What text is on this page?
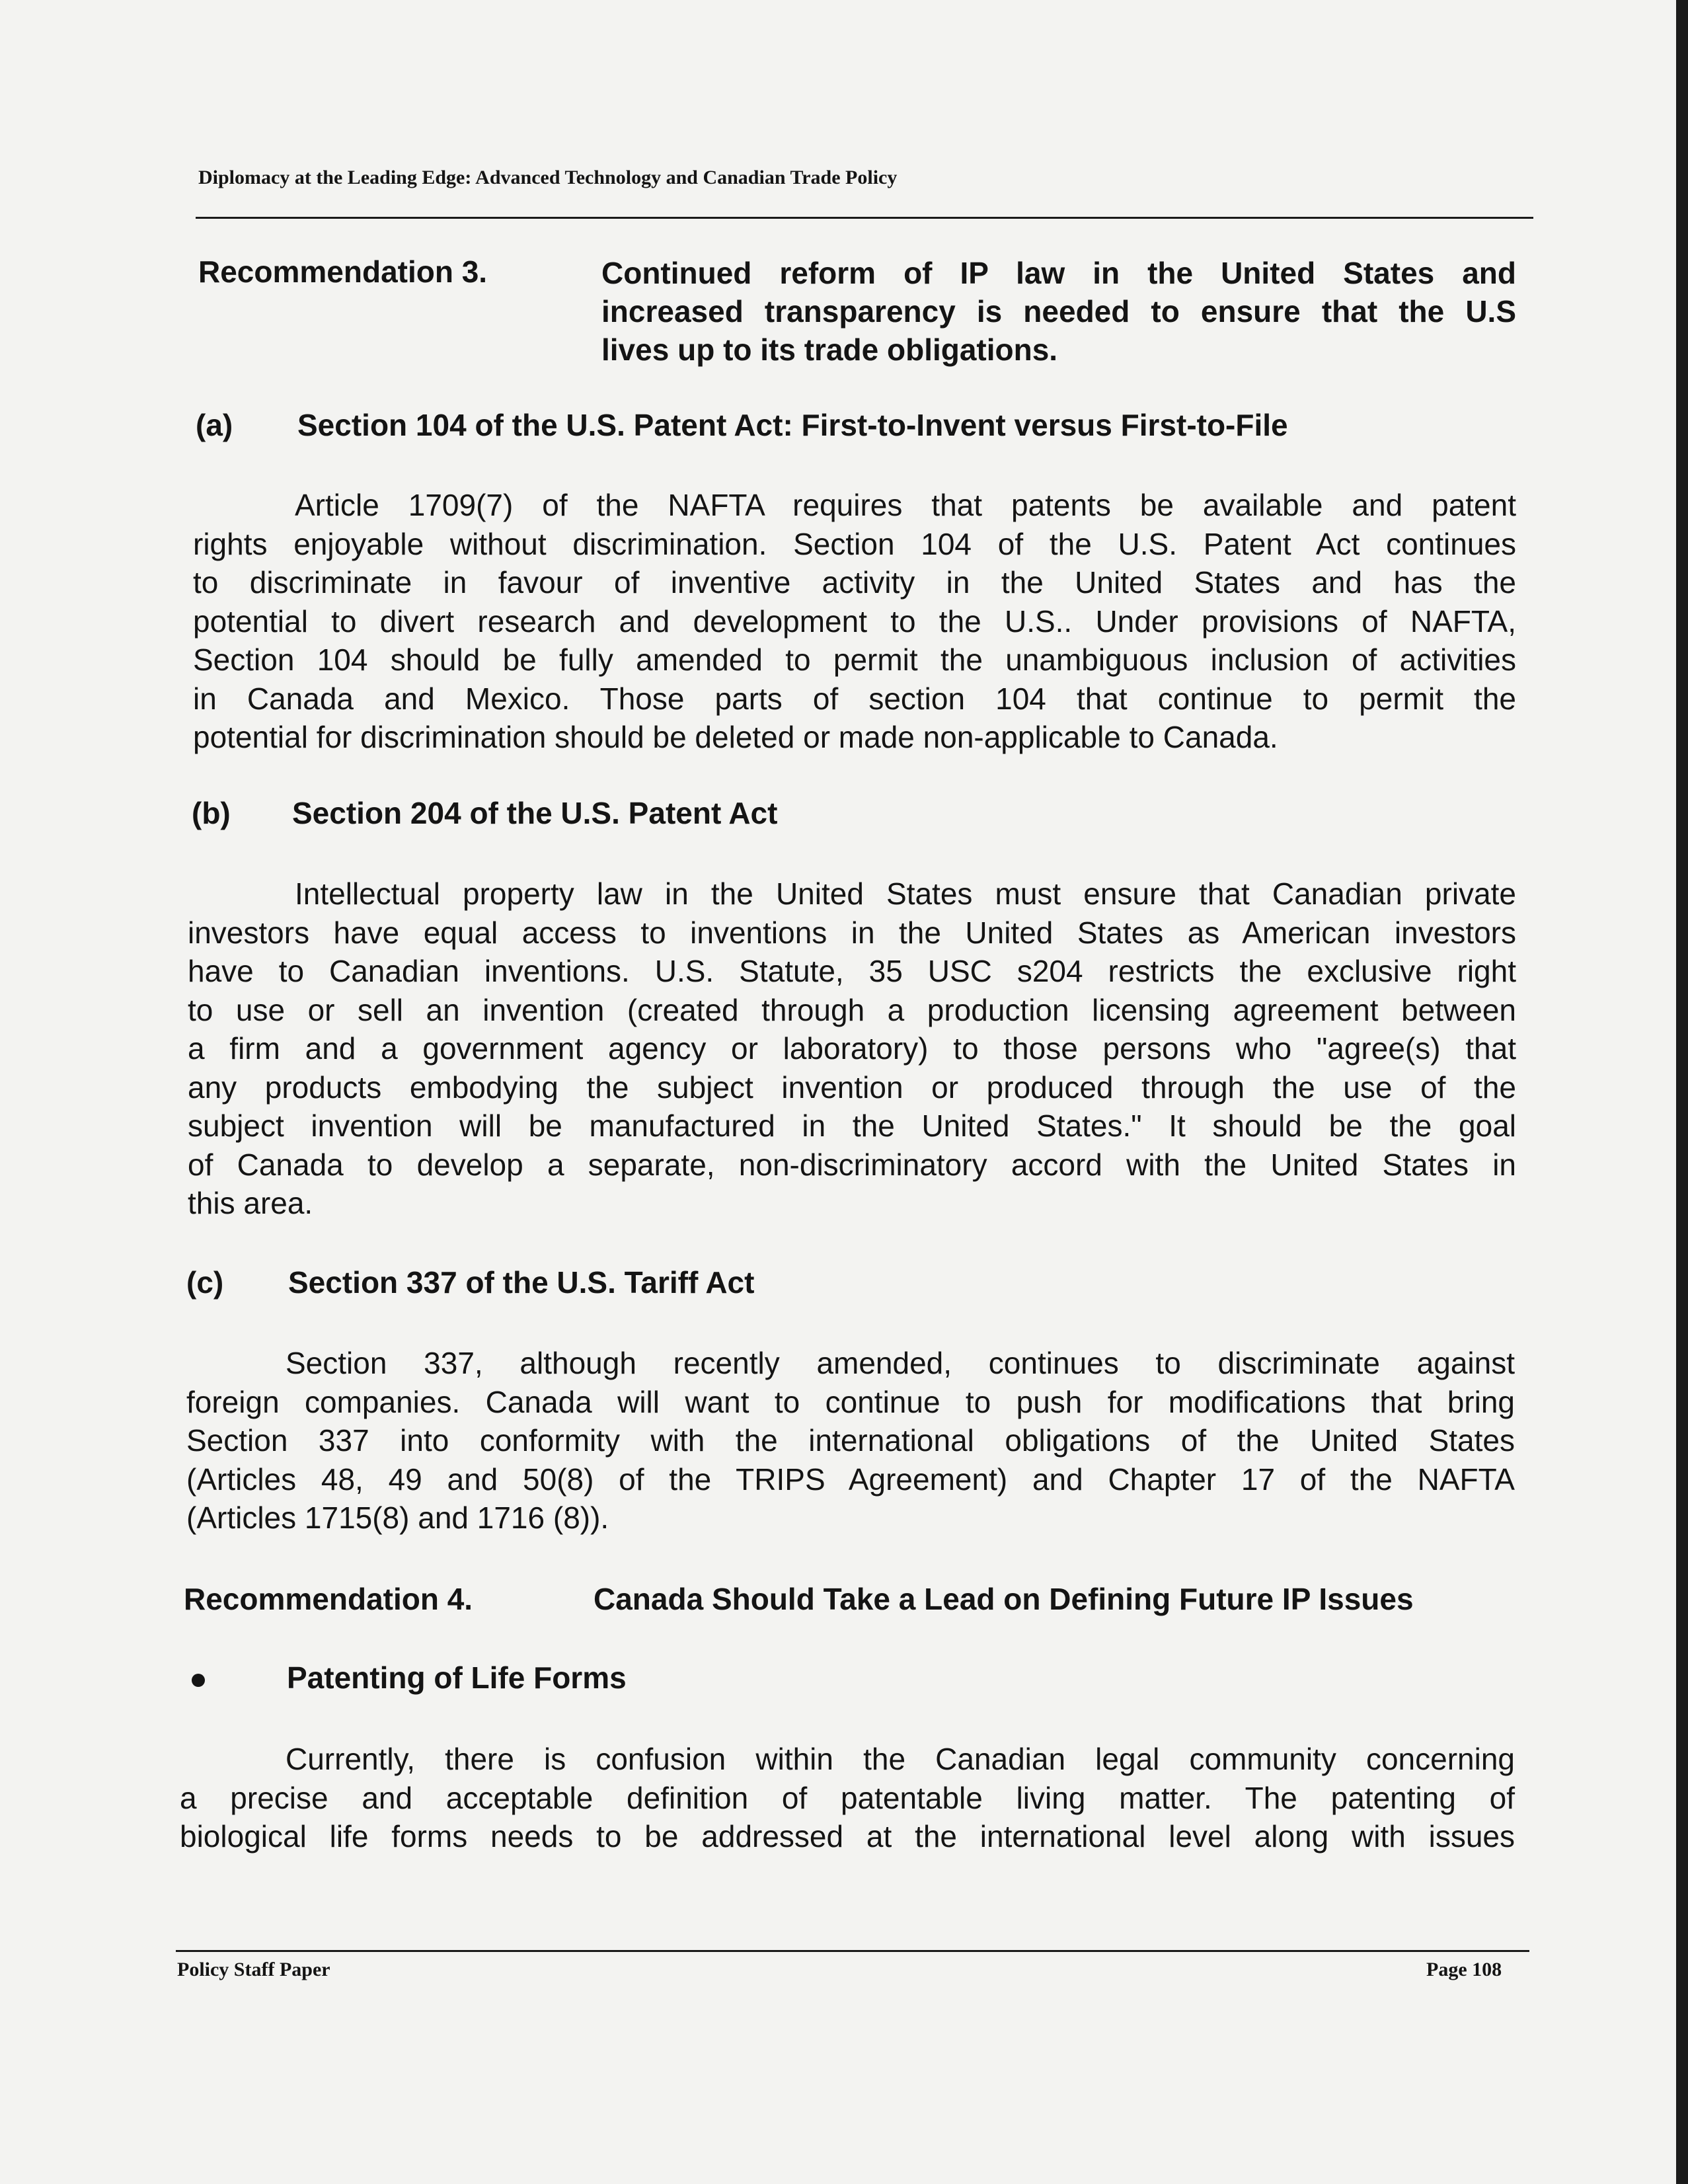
Diplomacy at the Leading Edge: Advanced Technology and Canadian Trade Policy
Recommendation 3.	Continued reform of IP law in the United States and
increased transparency is needed to ensure that the U.S
lives up to its trade obligations.
(a) Section 104 of the U.S. Patent Act: First-to-Invent versus First-to-File
Article 1709(7) of the NAFTA requires that patents be available and patent
rights enjoyable without discrimination. Section 104 of the U.S. Patent Act continues
to discriminate in favour of inventive activity in the United States and has the
potential to divert research and development to the U.S.. Under provisions of NAFTA,
Section 104 should be fully amended to permit the unambiguous inclusion of activities
in Canada and Mexico. Those parts of section 104 that continue to permit the
potential for discrimination should be deleted or made non-applicable to Canada.
(b) Section 204 of the U.S. Patent Act
Intellectual property law in the United States must ensure that Canadian private
investors have equal access to inventions in the United States as American investors
have to Canadian inventions. U.S. Statute, 35 USC s204 restricts the exclusive right
to use or sell an invention (created through a production licensing agreement between
a firm and a government agency or laboratory) to those persons who "agree(s) that
any products embodying the subject invention or produced through the use of the
subject invention will be manufactured in the United States." It should be the goal
of Canada to develop a separate, non-discriminatory accord with the United States in
this area.
(c) Section 337 of the U.S. Tariff Act
Section 337, although recently amended, continues to discriminate against
foreign companies. Canada will want to continue to push for modifications that bring
Section 337 into conformity with the international obligations of the United States
(Articles 48, 49 and 50(8) of the TRIPS Agreement) and Chapter 17 of the NAFTA
(Articles 1715(8) and 1716 (8)).
Recommendation 4.	Canada Should Take a Lead on Defining Future IP Issues
Patenting of Life Forms
Currently, there is confusion within the Canadian legal community concerning
a precise and acceptable definition of patentable living matter. The patenting of
biological life forms needs to be addressed at the international level along with issues
Policy Staff Paper	Page 108
